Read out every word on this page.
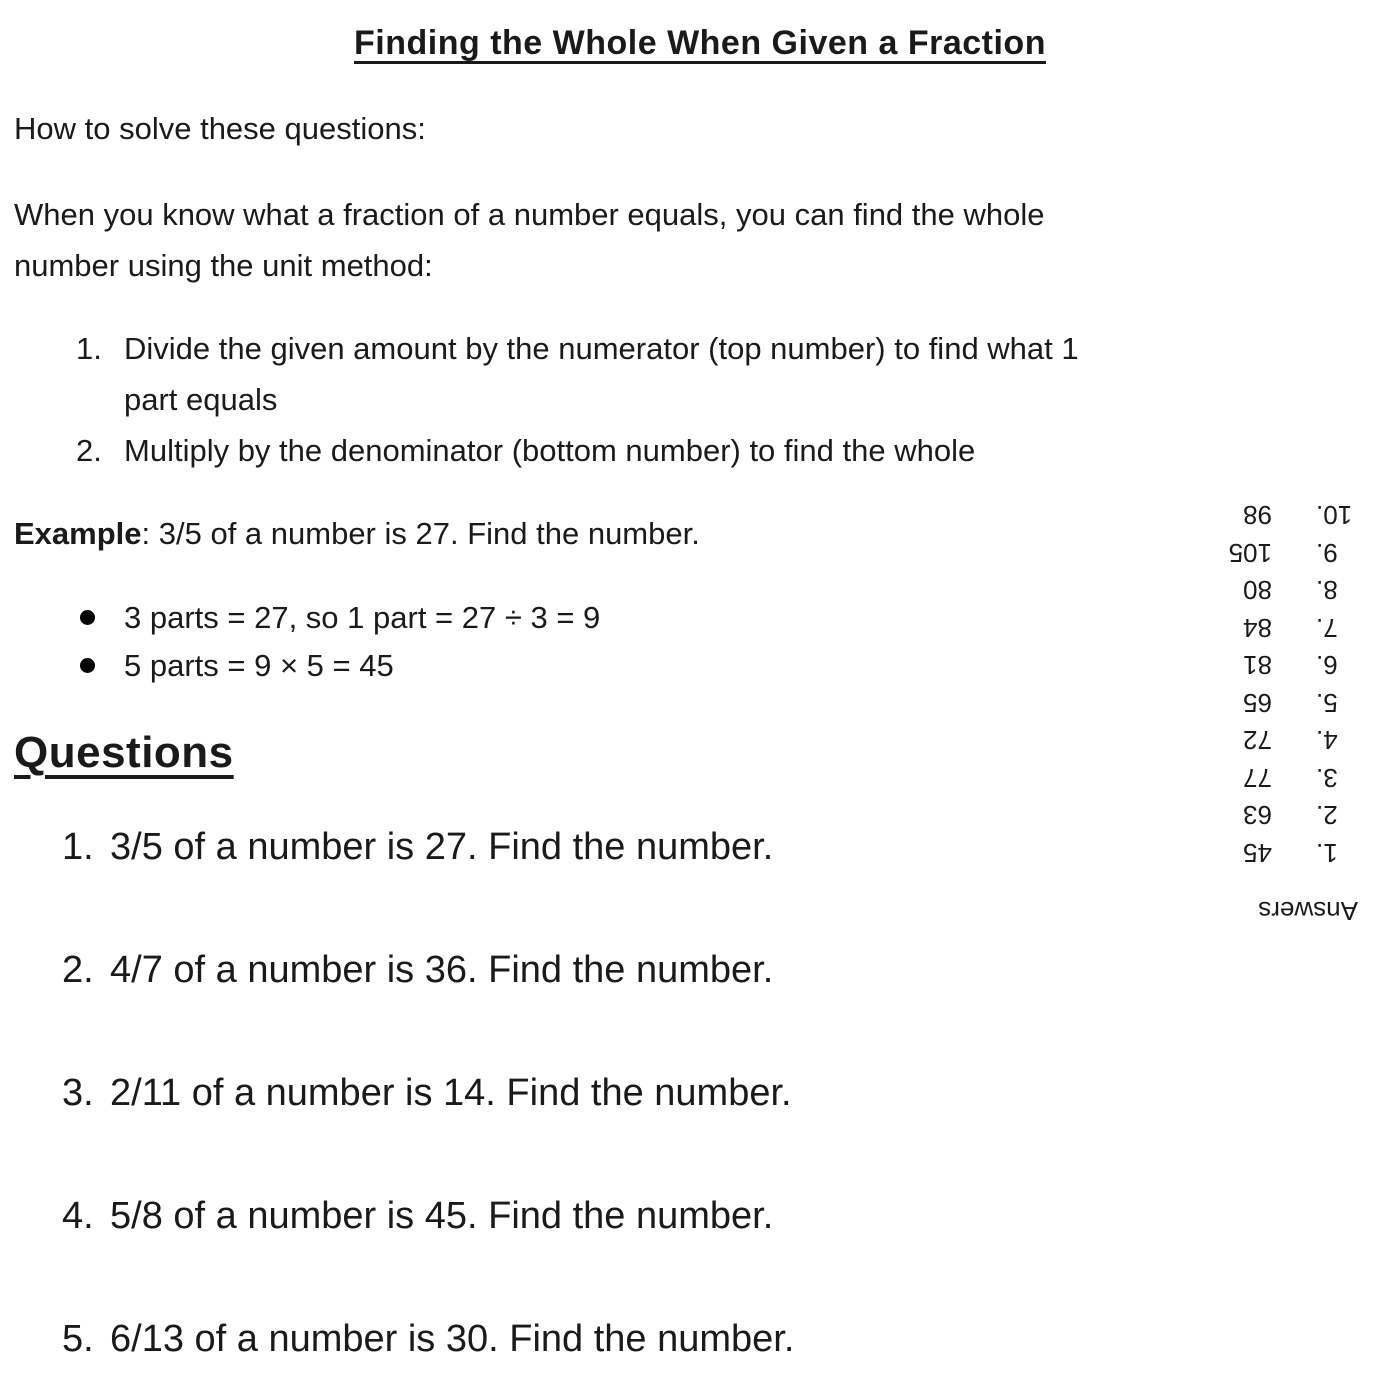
Finding the Whole When Given a Fraction

How to solve these questions:

When you know what a fraction of a number equals, you can find the whole
number using the unit method:

1. Divide the given amount by the numerator (top number) to find what 1
part equals
2. Multiply by the denominator (bottom number) to find the whole

Example: 3/5 of a number is 27. Find the number.

3 parts = 27, so 1 part = 27 ÷ 3 = 9
5 parts = 9 × 5 = 45
Questions
1. 3/5 of a number is 27. Find the number.
2. 4/7 of a number is 36. Find the number.
3. 2/11 of a number is 14. Find the number.
4. 5/8 of a number is 45. Find the number.
5. 6/13 of a number is 30. Find the number.
Answers
1.
45
2.
63
3.
77
4.
72
5.
65
6.
81
7.
84
8.
80
9.
105
10.
98
